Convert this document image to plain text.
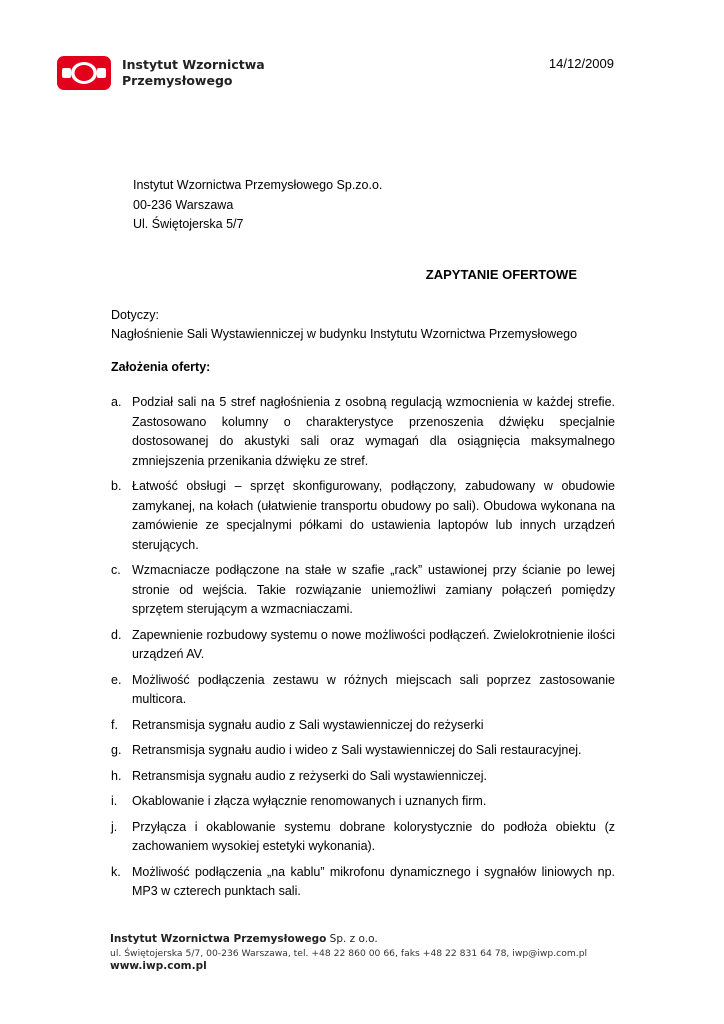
Instytut Wzornictwa
Przemysłowego
14/12/2009
Instytut Wzornictwa Przemysłowego Sp.zo.o.
00-236 Warszawa
Ul. Świętojerska 5/7
ZAPYTANIE OFERTOWE
Dotyczy:
Nagłośnienie Sali Wystawienniczej w budynku Instytutu Wzornictwa Przemysłowego
Założenia oferty:
a. Podział sali na 5 stref nagłośnienia z osobną regulacją wzmocnienia w każdej strefie. Zastosowano kolumny o charakterystyce przenoszenia dźwięku specjalnie dostosowanej do akustyki sali oraz wymagań dla osiągnięcia maksymalnego zmniejszenia przenikania dźwięku ze stref.
b. Łatwość obsługi – sprzęt skonfigurowany, podłączony, zabudowany w obudowie zamykanej, na kołach (ułatwienie transportu obudowy po sali). Obudowa wykonana na zamówienie ze specjalnymi półkami do ustawienia laptopów lub innych urządzeń sterujących.
c. Wzmacniacze podłączone na stałe w szafie „rack” ustawionej przy ścianie po lewej stronie od wejścia. Takie rozwiązanie uniemożliwi zamiany połączeń pomiędzy sprzętem sterującym a wzmacniaczami.
d. Zapewnienie rozbudowy systemu o nowe możliwości podłączeń. Zwielokrotnienie ilości urządzeń AV.
e. Możliwość podłączenia zestawu w różnych miejscach sali poprzez zastosowanie multicora.
f.	Retransmisja sygnału audio z Sali wystawienniczej do reżyserki
g. Retransmisja sygnału audio i wideo z Sali wystawienniczej do Sali restauracyjnej.
h. Retransmisja sygnału audio z reżyserki do Sali wystawienniczej.
i.	Okablowanie i złącza wyłącznie renomowanych i uznanych firm.
j.	Przyłącza i okablowanie systemu dobrane kolorystycznie do podłoża obiektu (z zachowaniem wysokiej estetyki wykonania).
k. Możliwość podłączenia „na kablu” mikrofonu dynamicznego i sygnałów liniowych np. MP3 w czterech punktach sali.
Instytut Wzornictwa Przemysłowego Sp. z o.o.
ul. Świętojerska 5/7, 00-236 Warszawa, tel. +48 22 860 00 66, faks +48 22 831 64 78, iwp@iwp.com.pl
www.iwp.com.pl
